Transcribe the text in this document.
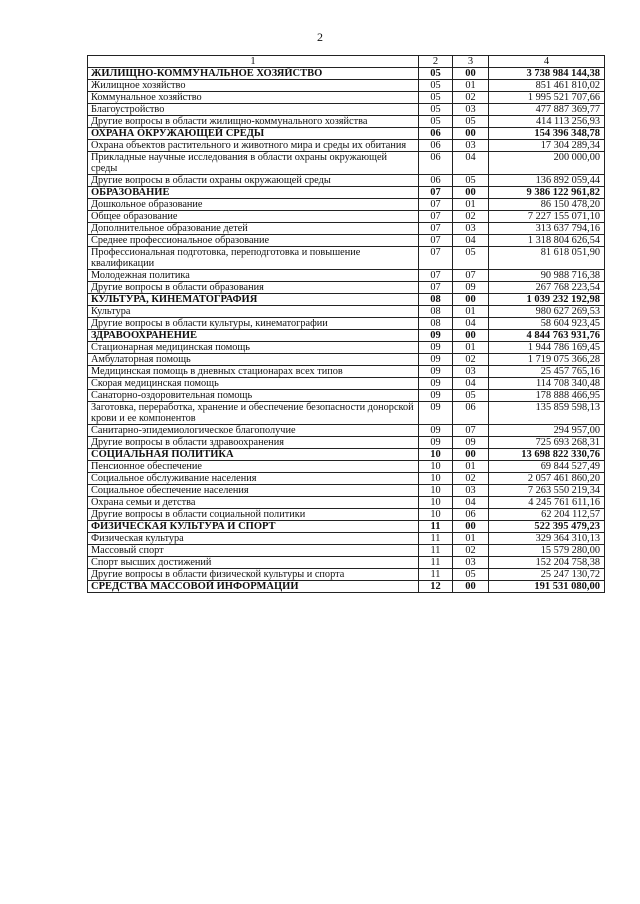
2
1	2	3	4
ЖИЛИЩНО-КОММУНАЛЬНОЕ ХОЗЯЙСТВО	05	00	3 738 984 144,38
Жилищное хозяйство	05	01	851 461 810,02
Коммунальное хозяйство	05	02	1 995 521 707,66
Благоустройство	05	03	477 887 369,77
Другие вопросы в области жилищно-коммунального хозяйства	05	05	414 113 256,93
ОХРАНА ОКРУЖАЮЩЕЙ СРЕДЫ	06	00	154 396 348,78
Охрана объектов растительного и животного мира и среды их обитания	06	03	17 304 289,34
Прикладные научные исследования в области охраны окружающей среды	06	04	200 000,00
Другие вопросы в области охраны окружающей среды	06	05	136 892 059,44
ОБРАЗОВАНИЕ	07	00	9 386 122 961,82
Дошкольное образование	07	01	86 150 478,20
Общее образование	07	02	7 227 155 071,10
Дополнительное образование детей	07	03	313 637 794,16
Среднее профессиональное образование	07	04	1 318 804 626,54
Профессиональная подготовка, переподготовка и повышение квалификации	07	05	81 618 051,90
Молодежная политика	07	07	90 988 716,38
Другие вопросы в области образования	07	09	267 768 223,54
КУЛЬТУРА, КИНЕМАТОГРАФИЯ	08	00	1 039 232 192,98
Культура	08	01	980 627 269,53
Другие вопросы в области культуры, кинематографии	08	04	58 604 923,45
ЗДРАВООХРАНЕНИЕ	09	00	4 844 763 931,76
Стационарная медицинская помощь	09	01	1 944 786 169,45
Амбулаторная помощь	09	02	1 719 075 366,28
Медицинская помощь в дневных стационарах всех типов	09	03	25 457 765,16
Скорая медицинская помощь	09	04	114 708 340,48
Санаторно-оздоровительная помощь	09	05	178 888 466,95
Заготовка, переработка, хранение и обеспечение безопасности донорской крови и ее компонентов	09	06	135 859 598,13
Санитарно-эпидемиологическое благополучие	09	07	294 957,00
Другие вопросы в области здравоохранения	09	09	725 693 268,31
СОЦИАЛЬНАЯ ПОЛИТИКА	10	00	13 698 822 330,76
Пенсионное обеспечение	10	01	69 844 527,49
Социальное обслуживание населения	10	02	2 057 461 860,20
Социальное обеспечение населения	10	03	7 263 550 219,34
Охрана семьи и детства	10	04	4 245 761 611,16
Другие вопросы в области социальной политики	10	06	62 204 112,57
ФИЗИЧЕСКАЯ КУЛЬТУРА И СПОРТ	11	00	522 395 479,23
Физическая культура	11	01	329 364 310,13
Массовый спорт	11	02	15 579 280,00
Спорт высших достижений	11	03	152 204 758,38
Другие вопросы в области физической культуры и спорта	11	05	25 247 130,72
СРЕДСТВА МАССОВОЙ ИНФОРМАЦИИ	12	00	191 531 080,00
